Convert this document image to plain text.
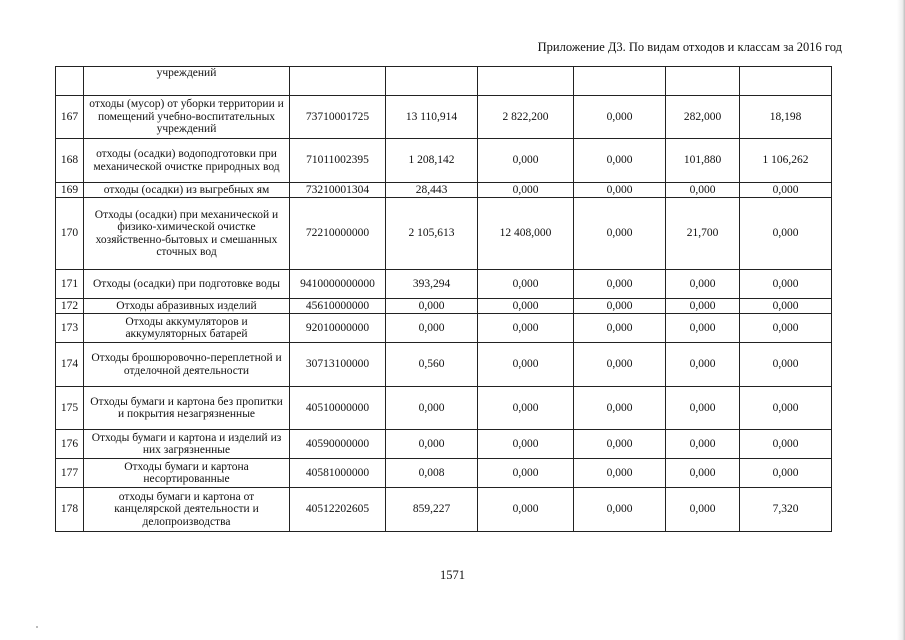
Приложение Д3. По видам отходов и классам за 2016 год
	учреждений						
167	отходы (мусор) от уборки территории и помещений учебно-воспитательных учреждений	73710001725	13 110,914	2 822,200	0,000	282,000	18,198
168	отходы (осадки) водоподготовки при механической очистке природных вод	71011002395	1 208,142	0,000	0,000	101,880	1 106,262
169	отходы (осадки) из выгребных ям	73210001304	28,443	0,000	0,000	0,000	0,000
170	Отходы (осадки) при механической и физико-химической очистке хозяйственно-бытовых и смешанных сточных вод	72210000000	2 105,613	12 408,000	0,000	21,700	0,000
171	Отходы (осадки) при подготовке воды	9410000000000	393,294	0,000	0,000	0,000	0,000
172	Отходы абразивных изделий	45610000000	0,000	0,000	0,000	0,000	0,000
173	Отходы аккумуляторов и аккумуляторных батарей	92010000000	0,000	0,000	0,000	0,000	0,000
174	Отходы брошюровочно-переплетной и отделочной деятельности	30713100000	0,560	0,000	0,000	0,000	0,000
175	Отходы бумаги и картона без пропитки и покрытия незагрязненные	40510000000	0,000	0,000	0,000	0,000	0,000
176	Отходы бумаги и картона и изделий из них загрязненные	40590000000	0,000	0,000	0,000	0,000	0,000
177	Отходы бумаги и картона несортированные	40581000000	0,008	0,000	0,000	0,000	0,000
178	отходы бумаги и картона от канцелярской деятельности и делопроизводства	40512202605	859,227	0,000	0,000	0,000	7,320
1571
